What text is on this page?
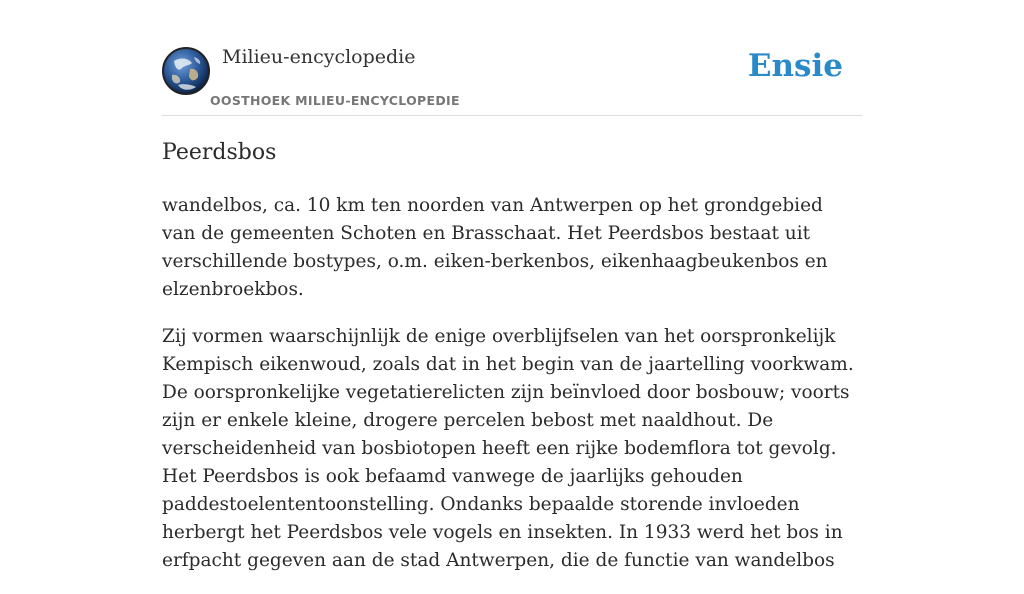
Milieu-encyclopedie
OOSTHOEK MILIEU-ENCYCLOPEDIE
Ensie
Peerdsbos

wandelbos, ca. 10 km ten noorden van Antwerpen op het grondgebied van de gemeenten Schoten en Brasschaat. Het Peerdsbos bestaat uit verschillende bostypes, o.m. eiken-berkenbos, eikenhaagbeukenbos en elzenbroekbos.

Zij vormen waarschijnlijk de enige overblijfselen van het oorspronkelijk Kempisch eikenwoud, zoals dat in het begin van de jaartelling voorkwam. De oorspronkelijke vegetatierelicten zijn beïnvloed door bosbouw; voorts zijn er enkele kleine, drogere percelen bebost met naaldhout. De verscheidenheid van bosbiotopen heeft een rijke bodemflora tot gevolg. Het Peerdsbos is ook befaamd vanwege de jaarlijks gehouden paddestoelententoonstelling. Ondanks bepaalde storende invloeden herbergt het Peerdsbos vele vogels en insekten. In 1933 werd het bos in erfpacht gegeven aan de stad Antwerpen, die de functie van wandelbos
